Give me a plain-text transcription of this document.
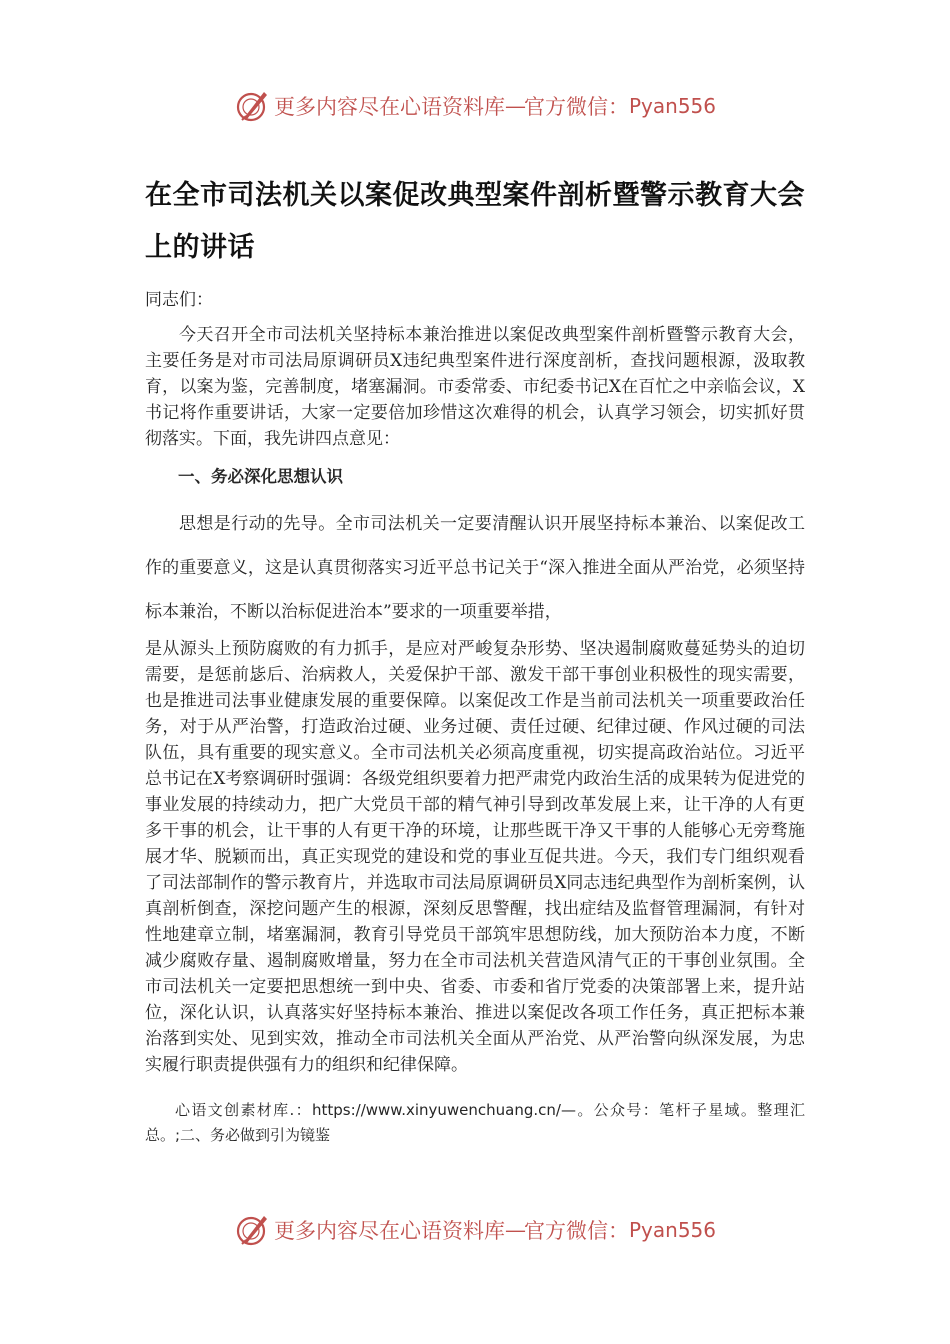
更多内容尽在心语资料库 — 官方微信： Pyan556
在全市司法机关以案促改典型案件剖析暨警示教育大会上的讲话

同志们：

今天召开全市司法机关坚持标本兼治推进以案促改典型案件剖析暨警示教育大会，主要任务是对市司法局原调研员X违纪典型案件进行深度剖析，查找问题根源，汲取教育，以案为鉴，完善制度，堵塞漏洞。市委常委、市纪委书记X在百忙之中亲临会议，X书记将作重要讲话，大家一定要倍加珍惜这次难得的机会，认真学习领会，切实抓好贯彻落实。下面，我先讲四点意见：

一、务必深化思想认识

思想是行动的先导。全市司法机关一定要清醒认识开展坚持标本兼治、以案促改工作的重要意义，这是认真贯彻落实习近平总书记关于“深入推进全面从严治党，必须坚持标本兼治，不断以治标促进治本”要求的一项重要举措，

是从源头上预防腐败的有力抓手，是应对严峻复杂形势、坚决遏制腐败蔓延势头的迫切需要，是惩前毖后、治病救人，关爱保护干部、激发干部干事创业积极性的现实需要，也是推进司法事业健康发展的重要保障。以案促改工作是当前司法机关一项重要政治任务，对于从严治警，打造政治过硬、业务过硬、责任过硬、纪律过硬、作风过硬的司法队伍，具有重要的现实意义。全市司法机关必须高度重视，切实提高政治站位。习近平总书记在X考察调研时强调：各级党组织要着力把严肃党内政治生活的成果转为促进党的事业发展的持续动力，把广大党员干部的精气神引导到改革发展上来，让干净的人有更多干事的机会，让干事的人有更干净的环境，让那些既干净又干事的人能够心无旁骛施展才华、脱颖而出，真正实现党的建设和党的事业互促共进。今天，我们专门组织观看了司法部制作的警示教育片，并选取市司法局原调研员X同志违纪典型作为剖析案例，认真剖析倒查，深挖问题产生的根源，深刻反思警醒，找出症结及监督管理漏洞，有针对性地建章立制，堵塞漏洞，教育引导党员干部筑牢思想防线，加大预防治本力度，不断减少腐败存量、遏制腐败增量，努力在全市司法机关营造风清气正的干事创业氛围。全市司法机关一定要把思想统一到中央、省委、市委和省厅党委的决策部署上来，提升站位，深化认识，认真落实好坚持标本兼治、推进以案促改各项工作任务，真正把标本兼治落到实处、见到实效，推动全市司法机关全面从严治党、从严治警向纵深发展，为忠实履行职责提供强有力的组织和纪律保障。

心语文创素材库.：https://www.xinyuwenchuang.cn/—。公众号：笔杆子星域。整理汇总。;二、务必做到引为镜鉴

更多内容尽在心语资料库 — 官方微信： Pyan556
